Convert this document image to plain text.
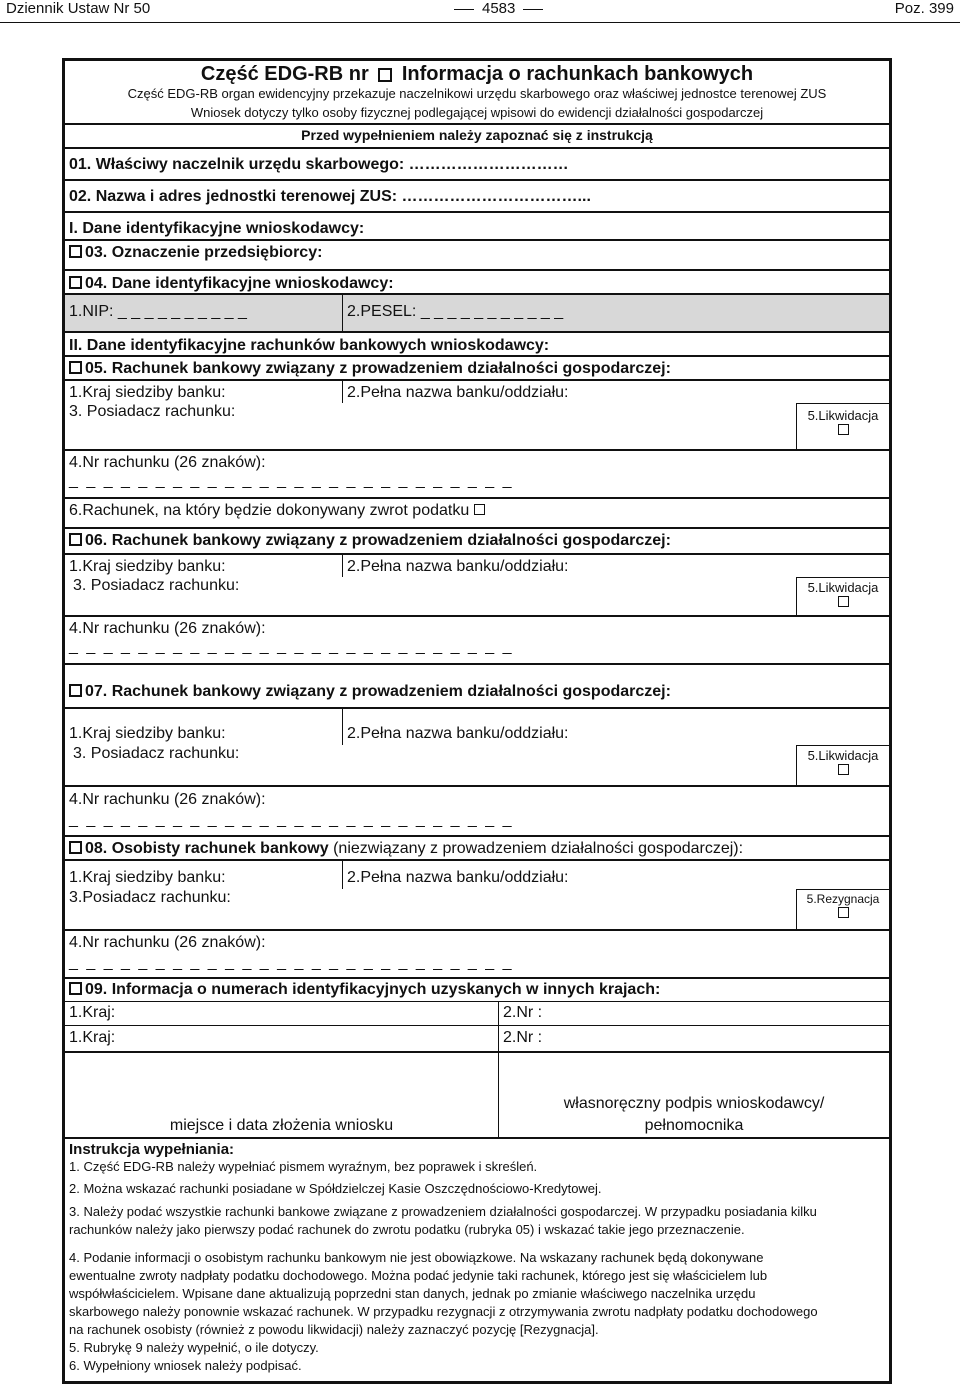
Dziennik Ustaw Nr 50	4583	Poz. 399
Część EDG-RB nr Informacja o rachunkach bankowych
Część EDG-RB organ ewidencyjny przekazuje naczelnikowi urzędu skarbowego oraz właściwej jednostce terenowej ZUS
Wniosek dotyczy tylko osoby fizycznej podlegającej wpisowi do ewidencji działalności gospodarczej
Przed wypełnieniem należy zapoznać się z instrukcją
01. Właściwy naczelnik urzędu skarbowego: …………………………
02. Nazwa i adres jednostki terenowej ZUS: ……………………………...
I. Dane identyfikacyjne wnioskodawcy:
03. Oznaczenie przedsiębiorcy:
04. Dane identyfikacyjne wnioskodawcy:
1.NIP: _ _ _ _ _ _ _ _ _ _	2.PESEL: _ _ _ _ _ _ _ _ _ _ _
II. Dane identyfikacyjne rachunków bankowych wnioskodawcy:
05. Rachunek bankowy związany z prowadzeniem działalności gospodarczej:
1.Kraj siedziby banku:	2.Pełna nazwa banku/oddziału:
3. Posiadacz rachunku:	5.Likwidacja
4.Nr rachunku (26 znaków):
_ _ _ _ _ _ _ _ _ _ _ _ _ _ _ _ _ _ _ _ _ _ _ _ _ _
6.Rachunek, na który będzie dokonywany zwrot podatku
06. Rachunek bankowy związany z prowadzeniem działalności gospodarczej:
1.Kraj siedziby banku:	2.Pełna nazwa banku/oddziału:
3. Posiadacz rachunku:	5.Likwidacja
4.Nr rachunku (26 znaków):
_ _ _ _ _ _ _ _ _ _ _ _ _ _ _ _ _ _ _ _ _ _ _ _ _ _
07. Rachunek bankowy związany z prowadzeniem działalności gospodarczej:
1.Kraj siedziby banku:	2.Pełna nazwa banku/oddziału:
3. Posiadacz rachunku:	5.Likwidacja
4.Nr rachunku (26 znaków):
_ _ _ _ _ _ _ _ _ _ _ _ _ _ _ _ _ _ _ _ _ _ _ _ _ _
08. Osobisty rachunek bankowy (niezwiązany z prowadzeniem działalności gospodarczej):
1.Kraj siedziby banku:	2.Pełna nazwa banku/oddziału:
3.Posiadacz rachunku:	5.Rezygnacja
4.Nr rachunku (26 znaków):
_ _ _ _ _ _ _ _ _ _ _ _ _ _ _ _ _ _ _ _ _ _ _ _ _ _
09. Informacja o numerach identyfikacyjnych uzyskanych w innych krajach:
1.Kraj:	2.Nr :
1.Kraj:	2.Nr :
miejsce i data złożenia wniosku
własnoręczny podpis wnioskodawcy/
pełnomocnika
Instrukcja wypełniania:
1. Część EDG-RB należy wypełniać pismem wyraźnym, bez poprawek i skreśleń.
2. Można wskazać rachunki posiadane w Spółdzielczej Kasie Oszczędnościowo-Kredytowej.
3. Należy podać wszystkie rachunki bankowe związane z prowadzeniem działalności gospodarczej. W przypadku posiadania kilku
rachunków należy jako pierwszy podać rachunek do zwrotu podatku (rubryka 05) i wskazać takie jego przeznaczenie.
4. Podanie informacji o osobistym rachunku bankowym nie jest obowiązkowe. Na wskazany rachunek będą dokonywane
ewentualne zwroty nadpłaty podatku dochodowego. Można podać jedynie taki rachunek, którego jest się właścicielem lub
współwłaścicielem. Wpisane dane aktualizują poprzedni stan danych, jednak po zmianie właściwego naczelnika urzędu
skarbowego należy ponownie wskazać rachunek. W przypadku rezygnacji z otrzymywania zwrotu nadpłaty podatku dochodowego
na rachunek osobisty (również z powodu likwidacji) należy zaznaczyć pozycję [Rezygnacja].
5. Rubrykę 9 należy wypełnić, o ile dotyczy.
6. Wypełniony wniosek należy podpisać.
